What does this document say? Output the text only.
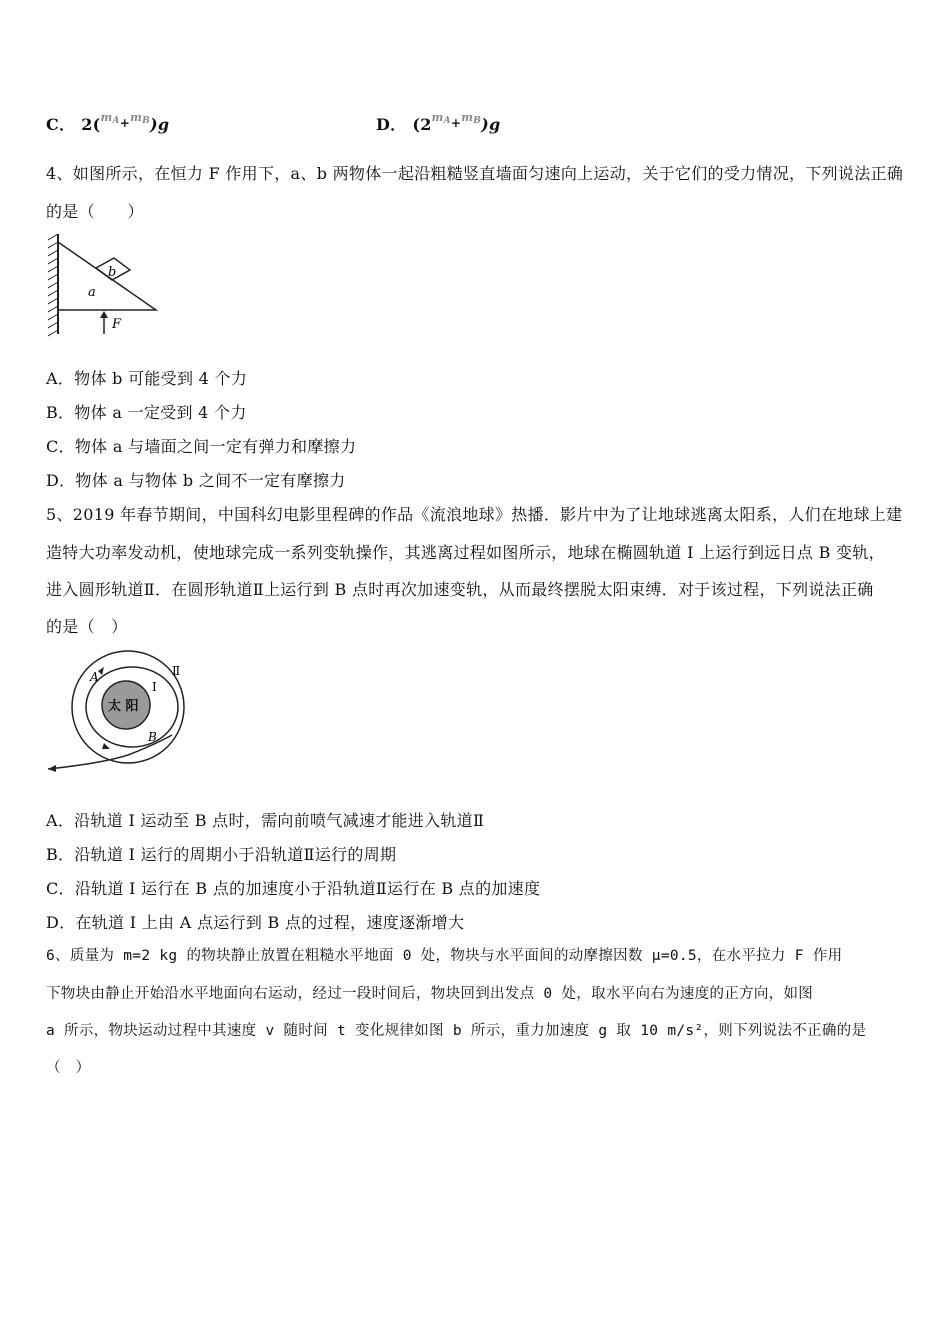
C． 2($^{m_A}$+$^{m_B}$)g	D． $(2^{m_A}+^{m_B})g$
4、如图所示，在恒力 F 作用下，a、b 两物体一起沿粗糙竖直墙面匀速向上运动，关于它们的受力情况，下列说法正确
的是（　　）
b
a
F
A．物体 b 可能受到 4 个力
B．物体 a 一定受到 4 个力
C．物体 a 与墙面之间一定有弹力和摩擦力
D．物体 a 与物体 b 之间不一定有摩擦力
5、2019 年春节期间，中国科幻电影里程碑的作品《流浪地球》热播．影片中为了让地球逃离太阳系，人们在地球上建
造特大功率发动机，使地球完成一系列变轨操作，其逃离过程如图所示，地球在椭圆轨道 I 上运行到远日点 B 变轨，
进入圆形轨道Ⅱ．在圆形轨道Ⅱ上运行到 B 点时再次加速变轨，从而最终摆脱太阳束缚．对于该过程，下列说法正确
的是（　）
太 阳
A
B
I
Ⅱ
A．沿轨道 I 运动至 B 点时，需向前喷气减速才能进入轨道Ⅱ
B．沿轨道 I 运行的周期小于沿轨道Ⅱ运行的周期
C．沿轨道 I 运行在 B 点的加速度小于沿轨道Ⅱ运行在 B 点的加速度
D．在轨道 I 上由 A 点运行到 B 点的过程，速度逐渐增大
6、质量为 m=2 kg 的物块静止放置在粗糙水平地面 0 处，物块与水平面间的动摩擦因数 μ=0.5，在水平拉力 F 作用
下物块由静止开始沿水平地面向右运动，经过一段时间后，物块回到出发点 0 处，取水平向右为速度的正方向，如图
a 所示，物块运动过程中其速度 v 随时间 t 变化规律如图 b 所示，重力加速度 g 取 10 m/s²，则下列说法不正确的是
（　）
